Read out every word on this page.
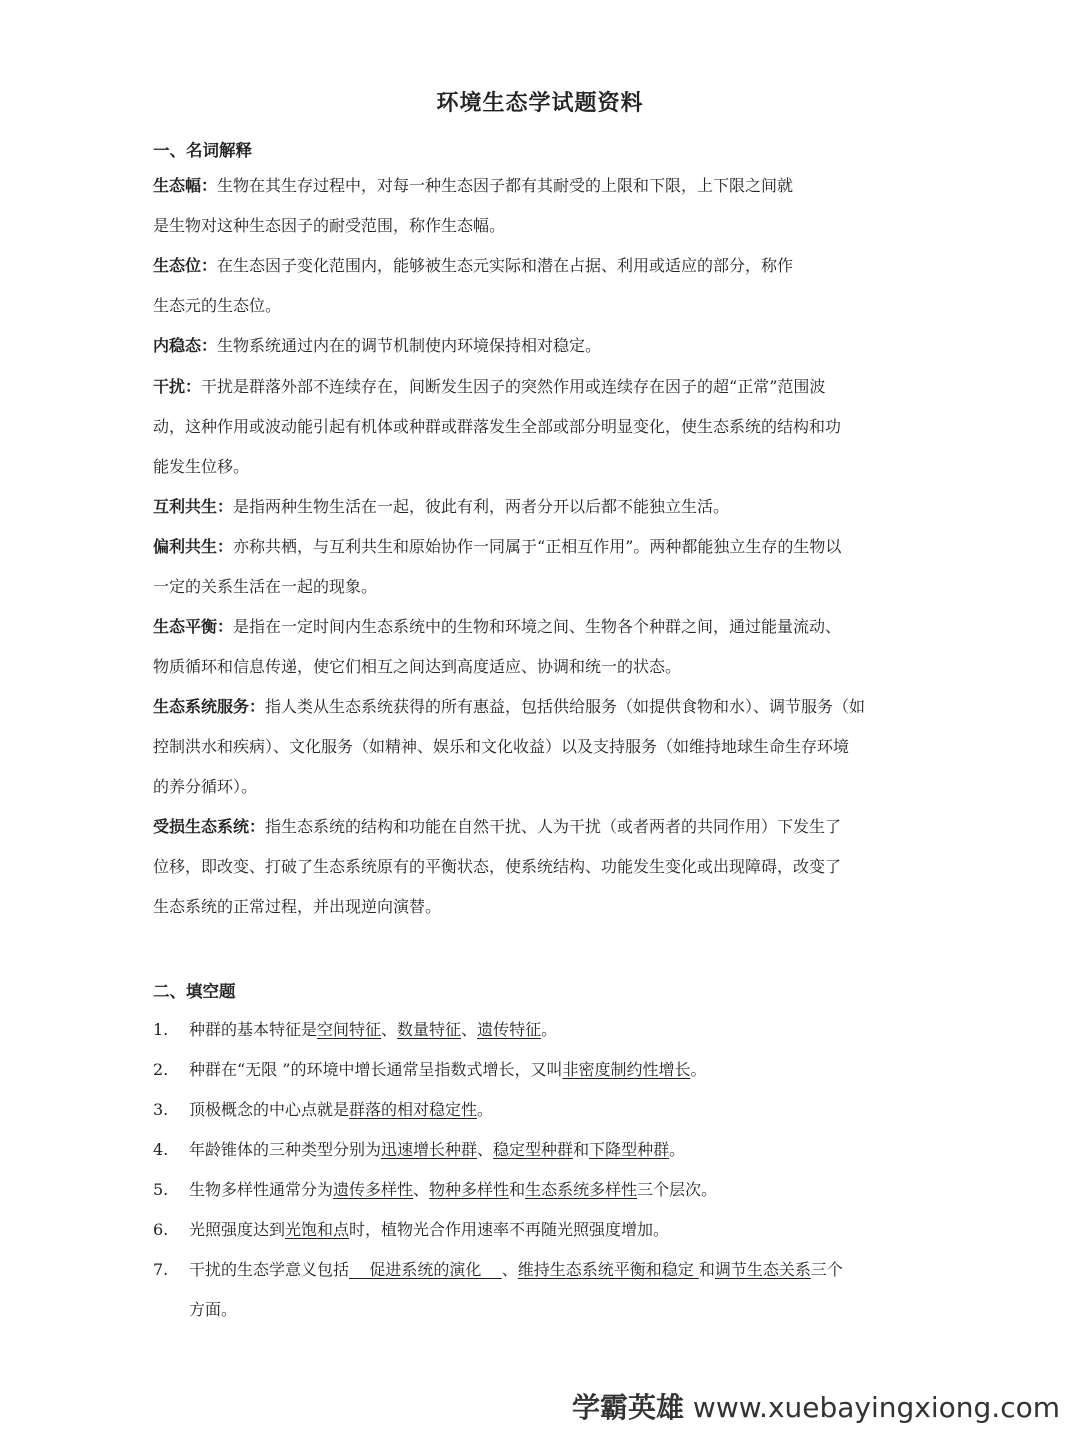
环境生态学试题资料
一、名词解释
生态幅：生物在其生存过程中，对每一种生态因子都有其耐受的上限和下限，上下限之间就
是生物对这种生态因子的耐受范围，称作生态幅。
生态位：在生态因子变化范围内，能够被生态元实际和潜在占据、利用或适应的部分，称作
生态元的生态位。
内稳态：生物系统通过内在的调节机制使内环境保持相对稳定。
干扰：干扰是群落外部不连续存在，间断发生因子的突然作用或连续存在因子的超“正常”范围波
动，这种作用或波动能引起有机体或种群或群落发生全部或部分明显变化，使生态系统的结构和功
能发生位移。
互利共生：是指两种生物生活在一起，彼此有利，两者分开以后都不能独立生活。
偏利共生：亦称共栖，与互利共生和原始协作一同属于“正相互作用”。两种都能独立生存的生物以
一定的关系生活在一起的现象。
生态平衡：是指在一定时间内生态系统中的生物和环境之间、生物各个种群之间，通过能量流动、
物质循环和信息传递，使它们相互之间达到高度适应、协调和统一的状态。
生态系统服务：指人类从生态系统获得的所有惠益，包括供给服务（如提供食物和水）、调节服务（如
控制洪水和疾病）、文化服务（如精神、娱乐和文化收益）以及支持服务（如维持地球生命生存环境
的养分循环）。
受损生态系统：指生态系统的结构和功能在自然干扰、人为干扰（或者两者的共同作用）下发生了
位移，即改变、打破了生态系统原有的平衡状态，使系统结构、功能发生变化或出现障碍，改变了
生态系统的正常过程，并出现逆向演替。
二、填空题
1. 种群的基本特征是空间特征、数量特征、遗传特征。
2. 种群在“无限 ”的环境中增长通常呈指数式增长，又叫非密度制约性增长。
3. 顶极概念的中心点就是群落的相对稳定性。
4. 年龄锥体的三种类型分别为迅速增长种群、稳定型种群和下降型种群。
5. 生物多样性通常分为遗传多样性、物种多样性和生态系统多样性三个层次。
6. 光照强度达到光饱和点时，植物光合作用速率不再随光照强度增加。
7. 干扰的生态学意义包括    促进系统的演化    、维持生态系统平衡和稳定 和调节生态关系三个
方面。
学霸英雄 www.xuebayingxiong.com
